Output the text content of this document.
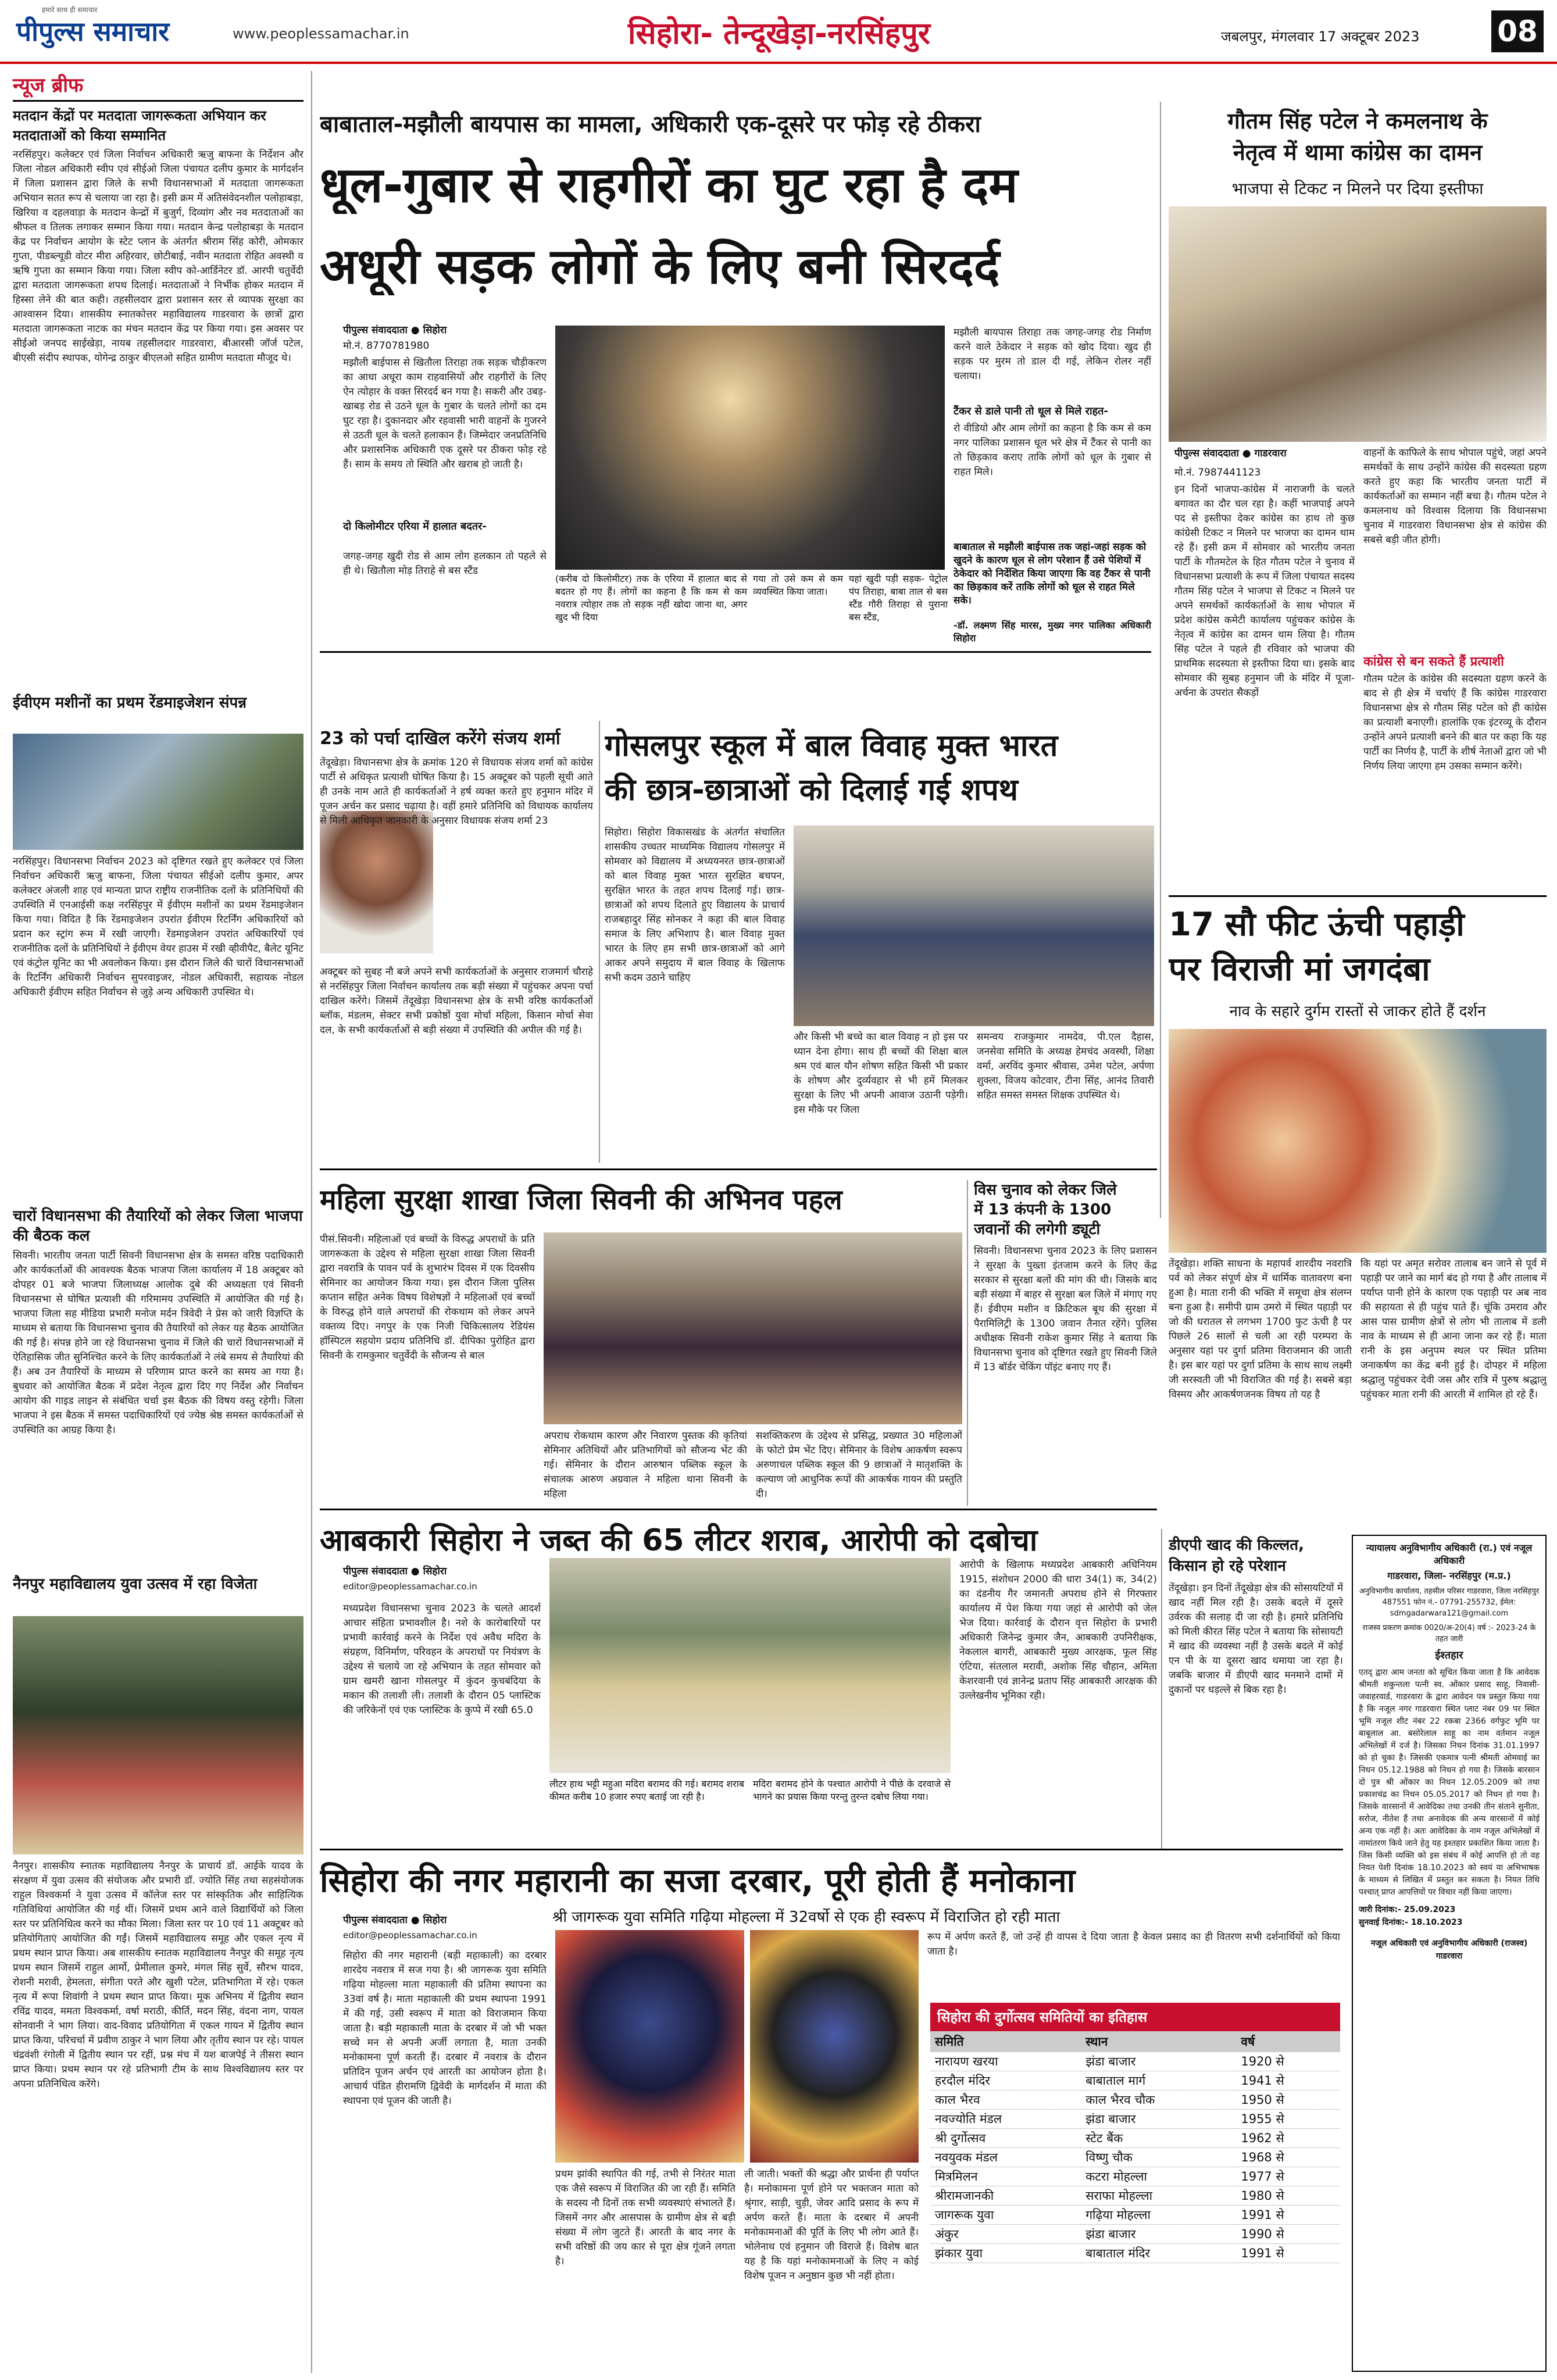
पीपुल्स समाचार
हमारे साथ ही समाचार
www.peoplessamachar.in	सिहोरा- तेन्दूखेड़ा-नरसिंहपुर	जबलपुर, मंगलवार 17 अक्टूबर 2023	08
न्यूज ब्रीफ
मतदान केंद्रों पर मतदाता जागरूकता अभियान कर मतदाताओं को किया सम्मानित
नरसिंहपुर। कलेक्टर एवं जिला निर्वाचन अधिकारी ऋजु बाफना के निर्देशन और जिला नोडल अधिकारी स्वीप एवं सीईओ जिला पंचायत दलीप कुमार के मार्गदर्शन में जिला प्रशासन द्वारा जिले के सभी विधानसभाओं में मतदाता जागरूकता अभियान सतत रूप से चलाया जा रहा है। इसी क्रम में अतिसंवेदनशील पलोहाबड़ा, खिरिया व दहलवाड़ा के मतदान केन्द्रों में बुजुर्ग, दिव्यांग और नव मतदाताओं का श्रीफल व तिलक लगाकर सम्मान किया गया। मतदान केन्द्र पलोहाबड़ा के मतदान केंद्र पर निर्वाचन आयोग के स्टेट प्लान के अंतर्गत श्रीराम सिंह कोरी, ओमकार गुप्ता, पीडब्ल्यूडी वोटर मीरा अहिरवार, छोटीबाई, नवीन मतदाता रोहित अवस्थी व ऋषि गुप्ता का सम्मान किया गया। जिला स्वीप को-आर्डिनेटर डॉ. आरपी चतुर्वेदी द्वारा मतदाता जागरूकता शपथ दिलाई। मतदाताओं ने निर्भीक होकर मतदान में हिस्सा लेने की बात कही। तहसीलदार द्वारा प्रशासन स्तर से व्यापक सुरक्षा का आश्वासन दिया। शासकीय स्नातकोत्तर महाविद्यालय गाडरवारा के छात्रों द्वारा मतदाता जागरूकता नाटक का मंचन मतदान केंद्र पर किया गया। इस अवसर पर सीईओ जनपद साईखेड़ा, नायब तहसीलदार गाडरवारा, बीआरसी जॉर्ज पटेल, बीएसी संदीप स्थापक, योगेन्द्र ठाकुर बीएलओ सहित ग्रामीण मतदाता मौजूद थे।
ईवीएम मशीनों का प्रथम रेंडमाइजेशन संपन्न
नरसिंहपुर। विधानसभा निर्वाचन 2023 को दृष्टिगत रखते हुए कलेक्टर एवं जिला निर्वाचन अधिकारी ऋजु बाफना, जिला पंचायत सीईओ दलीप कुमार, अपर कलेक्टर अंजली शाह एवं मान्यता प्राप्त राष्ट्रीय राजनीतिक दलों के प्रतिनिधियों की उपस्थिति में एनआईसी कक्ष नरसिंहपुर में ईवीएम मशीनों का प्रथम रेंडमाइजेशन किया गया। विदित है कि रेंडमाइजेशन उपरांत ईवीएम रिटर्निंग अधिकारियों को प्रदान कर स्ट्रांग रूम में रखी जाएगी। रेंडमाइजेशन उपरांत अधिकारियों एवं राजनीतिक दलों के प्रतिनिधियों ने ईवीएम वेयर हाउस में रखी व्हीवीपैट, बैलेट यूनिट एवं कंट्रोल यूनिट का भी अवलोकन किया। इस दौरान जिले की चारों विधानसभाओं के रिटर्निंग अधिकारी निर्वाचन सुपरवाइजर, नोडल अधिकारी, सहायक नोडल अधिकारी ईवीएम सहित निर्वाचन से जुड़े अन्य अधिकारी उपस्थित थे।
चारों विधानसभा की तैयारियों को लेकर जिला भाजपा की बैठक कल
सिवनी। भारतीय जनता पार्टी सिवनी विधानसभा क्षेत्र के समस्त वरिष्ठ पदाधिकारी और कार्यकर्ताओं की आवश्यक बैठक भाजपा जिला कार्यालय में 18 अक्टूबर को दोपहर 01 बजे भाजपा जिलाध्यक्ष आलोक दुबे की अध्यक्षता एवं सिवनी विधानसभा से घोषित प्रत्याशी की गरिमामय उपस्थिति में आयोजित की गई है। भाजपा जिला सह मीडिया प्रभारी मनोज मर्दन त्रिवेदी ने प्रेस को जारी विज्ञप्ति के माध्यम से बताया कि विधानसभा चुनाव की तैयारियों को लेकर यह बैठक आयोजित की गई है। संपन्न होने जा रहे विधानसभा चुनाव में जिले की चारों विधानसभाओं में ऐतिहासिक जीत सुनिश्चित करने के लिए कार्यकर्ताओं ने लंबे समय से तैयारियां की हैं। अब उन तैयारियों के माध्यम से परिणाम प्राप्त करने का समय आ गया है। बुधवार को आयोजित बैठक में प्रदेश नेतृत्व द्वारा दिए गए निर्देश और निर्वाचन आयोग की गाइड लाइन से संबंधित चर्चा इस बैठक की विषय वस्तु रहेगी। जिला भाजपा ने इस बैठक में समस्त पदाधिकारियों एवं ज्येष्ठ श्रेष्ठ समस्त कार्यकर्ताओं से उपस्थिति का आग्रह किया है।
नैनपुर महाविद्यालय युवा उत्सव में रहा विजेता
नैनपुर। शासकीय स्नातक महाविद्यालय नैनपुर के प्राचार्य डॉ. आईके यादव के संरक्षण में युवा उत्सव की संयोजक और प्रभारी डॉ. ज्योति सिंह तथा सहसंयोजक राहुल विश्वकर्मा ने युवा उत्सव में कॉलेज स्तर पर सांस्कृतिक और साहित्यिक गतिविधियां आयोजित की गई थीं। जिसमें प्रथम आने वाले विद्यार्थियों को जिला स्तर पर प्रतिनिधित्व करने का मौका मिला। जिला स्तर पर 10 एवं 11 अक्टूबर को प्रतियोगिताएं आयोजित की गईं। जिसमें महाविद्यालय समूह और एकल नृत्य में प्रथम स्थान प्राप्त किया। अब शासकीय स्नातक महाविद्यालय नैनपुर की समूह नृत्य प्रथम स्थान जिसमें राहुल आर्मो, प्रेमीलाल कुमरे, मंगल सिंह सुर्वे, सौरभ यादव, रोशनी मरावी, हेमलता, संगीता परते और खुशी पटेल, प्रतिभागिता में रहे। एकल नृत्य में रूपा शिवांगी ने प्रथम स्थान प्राप्त किया। मूक अभिनय में द्वितीय स्थान रविंद्र यादव, ममता विश्वकर्मा, वर्षा मराठी, कीर्ति, मदन सिंह, वंदना नाग, पायल सोनवानी ने भाग लिया। वाद-विवाद प्रतियोगिता में एकल गायन में द्वितीय स्थान प्राप्त किया, परिचर्चा में प्रवीण ठाकुर ने भाग लिया और तृतीय स्थान पर रहे। पायल चंद्रवंशी रंगोली में द्वितीय स्थान पर रहीं, प्रश्न मंच में यश बाजपेई ने तीसरा स्थान प्राप्त किया। प्रथम स्थान पर रहे प्रतिभागी टीम के साथ विश्वविद्यालय स्तर पर अपना प्रतिनिधित्व करेंगे।
बाबाताल-मझौली बायपास का मामला, अधिकारी एक-दूसरे पर फोड़ रहे ठीकरा
धूल-गुबार से राहगीरों का घुट रहा है दम
अधूरी सड़क लोगों के लिए बनी सिरदर्द
पीपुल्स संवाददाता ● सिहोरा
मो.नं. 8770781980
मझौली बाईपास से खितौला तिराहा तक सड़क चौड़ीकरण का आधा अधूरा काम राहवासियों और राहगीरों के लिए ऐन त्योहार के वक्त सिरदर्द बन गया है। सकरी और उबड़-खाबड़ रोड से उठने धूल के गुबार के चलते लोगों का दम घुट रहा है। दुकानदार और रहवासी भारी वाहनों के गुजरने से उठती धूल के चलते हलाकान हैं। जिम्मेदार जनप्रतिनिधि और प्रशासनिक अधिकारी एक दूसरे पर ठीकरा फोड़ रहे हैं। साम के समय तो स्थिति और खराब हो जाती है।
दो किलोमीटर एरिया में हालात बदतर-
जगह-जगह खुदी रोड से आम लोग हलकान तो पहले से ही थे। खितौला मोड़ तिराहे से बस स्टैंड
(करीब दो किलोमीटर) तक के एरिया में हालात बाद से बदतर हो गए हैं। लोगों का कहना है कि कम से कम नवरात्र त्योहार तक तो सड़क नहीं खोदा जाना था, अगर खुद भी दिया
गया तो उसे कम से कम व्यवस्थित किया जाता।
यहां खुदी पड़ी सड़क- पेट्रोल पंप तिराहा, बाबा ताल से बस स्टैंड गौरी तिराहा से पुराना बस स्टैंड,
मझौली बायपास तिराहा तक जगह-जगह रोड निर्माण करने वाले ठेकेदार ने सड़क को खोद दिया। खुद ही सड़क पर मुरम तो डाल दी गई, लेकिन रोलर नहीं चलाया।
टैंकर से डाले पानी तो धूल से मिले राहत-
रो वीडियो और आम लोगों का कहना है कि कम से कम नगर पालिका प्रशासन धूल भरे क्षेत्र में टैंकर से पानी का तो छिड़काव कराए ताकि लोगों को धूल के गुबार से राहत मिले।
बाबाताल से मझौली बाईपास तक जहां-जहां सड़क को खुदने के कारण धूल से लोग परेशान हैं उसे पेशियों में ठेकेदार को निर्देशित किया जाएगा कि वह टैंकर से पानी का छिड़काव करें ताकि लोगों को धूल से राहत मिले सके।
-डॉ. लक्ष्मण सिंह मारस, मुख्य नगर पालिका अधिकारी सिहोरा
गौतम सिंह पटेल ने कमलनाथ के
नेतृत्व में थामा कांग्रेस का दामन
भाजपा से टिकट न मिलने पर दिया इस्तीफा
पीपुल्स संवाददाता ● गाडरवारा
मो.नं. 7987441123
इन दिनों भाजपा-कांग्रेस में नाराजगी के चलते बगावत का दौर चल रहा है। कहीं भाजपाई अपने पद से इस्तीफा देकर कांग्रेस का हाथ तो कुछ कांग्रेसी टिकट न मिलने पर भाजपा का दामन थाम रहे हैं। इसी क्रम में सोमवार को भारतीय जनता पार्टी के गौतमटेल के हित गौतम पटेल ने चुनाव में विधानसभा प्रत्याशी के रूप में जिला पंचायत सदस्य गौतम सिंह पटेल ने भाजपा से टिकट न मिलने पर अपने समर्थकों कार्यकर्ताओं के साथ भोपाल में प्रदेश कांग्रेस कमेटी कार्यालय पहुंचकर कांग्रेस के नेतृत्व में कांग्रेस का दामन थाम लिया है। गौतम सिंह पटेल ने पहले ही रविवार को भाजपा की प्राथमिक सदस्यता से इस्तीफा दिया था। इसके बाद सोमवार की सुबह हनुमान जी के मंदिर में पूजा-अर्चना के उपरांत सैकड़ों
वाहनों के काफिले के साथ भोपाल पहुंचे, जहां अपने समर्थकों के साथ उन्होंने कांग्रेस की सदस्यता ग्रहण करते हुए कहा कि भारतीय जनता पार्टी में कार्यकर्ताओं का सम्मान नहीं बचा है। गौतम पटेल ने कमलनाथ को विश्वास दिलाया कि विधानसभा चुनाव में गाडरवारा विधानसभा क्षेत्र से कांग्रेस की सबसे बड़ी जीत होगी।
कांग्रेस से बन सकते हैं प्रत्याशी
गौतम पटेल के कांग्रेस की सदस्यता ग्रहण करने के बाद से ही क्षेत्र में चर्चाएं हैं कि कांग्रेस गाडरवारा विधानसभा क्षेत्र से गौतम सिंह पटेल को ही कांग्रेस का प्रत्याशी बनाएगी। हालांकि एक इंटरव्यू के दौरान उन्होंने अपने प्रत्याशी बनने की बात पर कहा कि यह पार्टी का निर्णय है, पार्टी के शीर्ष नेताओं द्वारा जो भी निर्णय लिया जाएगा हम उसका सम्मान करेंगे।
23 को पर्चा दाखिल करेंगे संजय शर्मा
तेंदूखेड़ा। विधानसभा क्षेत्र के क्रमांक 120 से विधायक संजय शर्मा को कांग्रेस पार्टी से अधिकृत प्रत्याशी घोषित किया है। 15 अक्टूबर को पहली सूची आते ही उनके नाम आते ही कार्यकर्ताओं ने हर्ष व्यक्त करते हुए हनुमान मंदिर में पूजन अर्चन कर प्रसाद चढ़ाया है। वहीं हमारे प्रतिनिधि को विधायक कार्यालय से मिली आधिकृत जानकारी के अनुसार विधायक संजय शर्मा 23
अक्टूबर को सुबह नौ बजे अपने सभी कार्यकर्ताओं के अनुसार राजमार्ग चौराहे से नरसिंहपुर जिला निर्वाचन कार्यालय तक बड़ी संख्या में पहुंचकर अपना पर्चा दाखिल करेंगे। जिसमें तेंदूखेड़ा विधानसभा क्षेत्र के सभी वरिष्ठ कार्यकर्ताओं ब्लॉक, मंडलम, सेक्टर सभी प्रकोष्ठों युवा मोर्चा महिला, किसान मोर्चा सेवा दल, के सभी कार्यकर्ताओं से बड़ी संख्या में उपस्थिति की अपील की गई है।
गोसलपुर स्कूल में बाल विवाह मुक्त भारत
की छात्र-छात्राओं को दिलाई गई शपथ
सिहोरा। सिहोरा विकासखंड के अंतर्गत संचालित शासकीय उच्चतर माध्यमिक विद्यालय गोसलपुर में सोमवार को विद्यालय में अध्ययनरत छात्र-छात्राओं को बाल विवाह मुक्त भारत सुरक्षित बचपन, सुरक्षित भारत के तहत शपथ दिलाई गई। छात्र-छात्राओं को शपथ दिलाते हुए विद्यालय के प्राचार्य राजबहादुर सिंह सोनकर ने कहा की बाल विवाह समाज के लिए अभिशाप है। बाल विवाह मुक्त भारत के लिए हम सभी छात्र-छात्राओं को आगे आकर अपने समुदाय में बाल विवाह के खिलाफ सभी कदम उठाने चाहिए
और किसी भी बच्चे का बाल विवाह न हो इस पर ध्यान देना होगा। साथ ही बच्चों की शिक्षा बाल श्रम एवं बाल यौन शोषण सहित किसी भी प्रकार के शोषण और दुर्व्यवहार से भी हमें मिलकर सुरक्षा के लिए भी अपनी आवाज उठानी पड़ेगी। इस मौके पर जिला
समन्वय राजकुमार नामदेव, पी.एल दैहास, जनसेवा समिति के अध्यक्ष हेमचंद अवस्थी, शिक्षा वर्मा, अरविंद कुमार श्रीवास, उमेश पटेल, अर्पणा शुक्ला, विजय कोटवार, टीना सिंह, आनंद तिवारी सहित समस्त समस्त शिक्षक उपस्थित थे।
17 सौ फीट ऊंची पहाड़ी
पर विराजी मां जगदंबा
नाव के सहारे दुर्गम रास्तों से जाकर होते हैं दर्शन
तेंदूखेड़ा। शक्ति साधना के महापर्व शारदीय नवरात्रि पर्व को लेकर संपूर्ण क्षेत्र में धार्मिक वातावरण बना हुआ है। माता रानी की भक्ति में समूचा क्षेत्र संलग्न बना हुआ है। समीपी ग्राम उमरो में स्थित पहाड़ी पर जो की धरातल से लगभग 1700 फुट ऊंची है पर पिछले 26 सालों से चली आ रही परम्परा के अनुसार यहां पर दुर्गा प्रतिमा विराजमान की जाती है। इस बार यहां पर दुर्गा प्रतिमा के साथ साथ लक्ष्मी जी सरस्वती जी भी विराजित की गई है। सबसे बड़ा विस्मय और आकर्षणजनक विषय तो यह है
कि यहां पर अमृत सरोवर तालाब बन जाने से पूर्व में पहाड़ी पर जाने का मार्ग बंद हो गया है और तालाब में पर्याप्त पानी होने के कारण एक पहाड़ी पर अब नाव की सहायता से ही पहुंच पाते हैं। चूंकि उमराव और आस पास ग्रामीण क्षेत्रों से लोग भी तालाब में डली नाव के माध्यम से ही आना जाना कर रहे हैं। माता रानी के इस अनुपम स्थल पर स्थित प्रतिमा जनाकर्षण का केंद्र बनी हुई है। दोपहर में महिला श्रद्धालु पहुंचकर देवी जस और रात्रि में पुरुष श्रद्धालु पहुंचकर माता रानी की आरती में शामिल हो रहे हैं।
महिला सुरक्षा शाखा जिला सिवनी की अभिनव पहल
पीसं.सिवनी। महिलाओं एवं बच्चों के विरुद्ध अपराधों के प्रति जागरूकता के उद्देश्य से महिला सुरक्षा शाखा जिला सिवनी द्वारा नवरात्रि के पावन पर्व के शुभारंभ दिवस में एक दिवसीय सेमिनार का आयोजन किया गया। इस दौरान जिला पुलिस कप्तान सहित अनेक विषय विशेषज्ञों ने महिलाओं एवं बच्चों के विरुद्ध होने वाले अपराधों की रोकथाम को लेकर अपने वक्तव्य दिए। नगपुर के एक निजी चिकित्सालय रेडियंस हॉस्पिटल सहयोग प्रदाय प्रतिनिधि डॉ. दीपिका पुरोहित द्वारा सिवनी के रामकुमार चतुर्वेदी के सौजन्य से बाल
अपराध रोकथाम कारण और निवारण पुस्तक की कृतियां सेमिनार अतिथियों और प्रतिभागियों को सौजन्य भेंट की गई। सेमिनार के दौरान आरुषान पब्लिक स्कूल के संचालक आरुण अग्रवाल ने महिला थाना सिवनी के महिला
सशक्तिकरण के उद्देश्य से प्रसिद्ध, प्रख्यात 30 महिलाओं के फोटो प्रेम भेंट दिए। सेमिनार के विशेष आकर्षण स्वरूप अरुणाचल पब्लिक स्कूल की 9 छात्राओं ने मातृशक्ति के कल्याण जो आधुनिक रूपों की आकर्षक गायन की प्रस्तुति दी।
विस चुनाव को लेकर जिले
में 13 कंपनी के 1300
जवानों की लगेगी ड्यूटी
सिवनी। विधानसभा चुनाव 2023 के लिए प्रशासन ने सुरक्षा के पुख्ता इंतजाम करने के लिए केंद्र सरकार से सुरक्षा बलों की मांग की थी। जिसके बाद बड़ी संख्या में बाहर से सुरक्षा बल जिले में मंगाए गए हैं। ईवीएम मशीन व क्रिटिकल बूथ की सुरक्षा में पैरामिलिट्री के 1300 जवान तैनात रहेंगे। पुलिस अधीक्षक सिवनी राकेश कुमार सिंह ने बताया कि विधानसभा चुनाव को दृष्टिगत रखते हुए सिवनी जिले में 13 बॉर्डर चेकिंग पॉइंट बनाए गए हैं।
आबकारी सिहोरा ने जब्त की 65 लीटर शराब, आरोपी को दबोचा
पीपुल्स संवाददाता ● सिहोरा
editor@peoplessamachar.co.in
मध्यप्रदेश विधानसभा चुनाव 2023 के चलते आदर्श आचार संहिता प्रभावशील है। नशे के कारोबारियों पर प्रभावी कार्रवाई करने के निर्देश एवं अवैध मदिरा के संग्रहण, विनिर्माण, परिवहन के अपराधों पर नियंत्रण के उद्देश्य से चलाये जा रहे अभियान के तहत सोमवार को ग्राम खमरी खाना गोसलपुर में कुंदन कुचबंदिया के मकान की तलाशी ली। तलाशी के दौरान 05 प्लास्टिक की जरिकेनों एवं एक प्लास्टिक के कुप्पे में रखी 65.0
लीटर हाथ भट्टी महुआ मदिरा बरामद की गई। बरामद शराब कीमत करीब 10 हजार रुपए बताई जा रही है।
मदिरा बरामद होने के पश्चात आरोपी ने पीछे के दरवाजे से भागने का प्रयास किया परन्तु तुरन्त दबोच लिया गया।
आरोपी के खिलाफ मध्यप्रदेश आबकारी अधिनियम 1915, संशोधन 2000 की धारा 34(1) क, 34(2) का दंडनीय गैर जमानती अपराध होने से गिरफ्तार कार्यालय में पेश किया गया जहां से आरोपी को जेल भेज दिया। कार्रवाई के दौरान वृत्त सिहोरा के प्रभारी अधिकारी जिनेन्द्र कुमार जैन, आबकारी उपनिरीक्षक, नेकलाल बागरी, आबकारी मुख्य आरक्षक, फूल सिंह एंटिया, संतलाल मरावी, अशोक सिंह चौहान, अमिता केशरवानी एवं ज्ञानेन्द्र प्रताप सिंह आबकारी आरक्षक की उल्लेखनीय भूमिका रही।
डीएपी खाद की किल्लत,
किसान हो रहे परेशान
तेंदूखेड़ा। इन दिनों तेंदूखेड़ा क्षेत्र की सोसायटियों में खाद नहीं मिल रही है। उसके बदले में दूसरे उर्वरक की सलाह दी जा रही है। हमारे प्रतिनिधि को मिली कीरत सिंह पटेल ने बताया कि सोसायटी में खाद की व्यवस्था नहीं है उसके बदले में कोई एन पी के या दूसरा खाद थमाया जा रहा है। जबकि बाजार में डीएपी खाद मनमाने दामों में दुकानों पर धड़ल्ले से बिक रहा है।
न्यायालय अनुविभागीय अधिकारी (रा.) एवं नजूल अधिकारी
गाडरवारा, जिला- नरसिंहपुर (म.प्र.)
अनुविभागीय कार्यालय, तहसील परिसर गाडरवारा, जिला नरसिंहपुर 487551 फोन नं.- 07791-255732, ईमेल: sdmgadarwara121@gmail.com
राजस्व प्रकरण क्रमांक 0020/अ-20(4) वर्ष :- 2023-24 के तहत जारी
ईश्तहार
एतद् द्वारा आम जनता को सूचित किया जाता है कि आवेदक श्रीमती शकुन्तला पत्नी स्व. ओंकार प्रसाद साहू, निवासी- जवाहरवार्ड, गाडरवारा के द्वारा आवेदन पत्र प्रस्तुत किया गया है कि नजूल नगर गाडरवारा स्थित प्लाट नंबर 09 पर स्थित भूमि नजूल शीट नंबर 22 रकबा 2366 वर्गफुट भूमि पर बाबूलाल आ. बसोरेलाल साहू का नाम वर्तमान नजूल अभिलेखों में दर्ज है। जिसका निधन दिनांक 31.01.1997 को हो चुका है। जिसकी एकमात्र पत्नी श्रीमती ओमवाई का निधन 05.12.1988 को निधन हो गया है। जिसके बारसान दो पुत्र श्री ओंकार का निधन 12.05.2009 को तथा प्रकाशचंद्र का निधन 05.05.2017 को निधन हो गया है। जिसके वारसानों में आवेदिका तथा उनकी तीन संताने सुनीता, सरोज, नीतेश हैं तथा अनावेदक की अन्य वारसानों में कोई अन्य एक नहीं है। अतः आवेदिका के नाम नजूल अभिलेखों में नामांतरण किये जाने हेतु यह इश्तहार प्रकाशित किया जाता है। जिस किसी व्यक्ति को इस संबंध में कोई आपत्ति हो तो वह नियत पेशी दिनांक 18.10.2023 को स्वयं या अभिभाषक के माध्यम से लिखित में प्रस्तुत कर सकता है। नियत तिथि पश्चात् प्राप्त आपत्तियों पर विचार नहीं किया जाएगा।
जारी दिनांक:- 25.09.2023
सुनवाई दिनांक:- 18.10.2023
नजूल अधिकारी एवं अनुविभागीय अधिकारी (राजस्व) गाडरवारा
सिहोरा की नगर महारानी का सजा दरबार, पूरी होती हैं मनोकाना
श्री जागरूक युवा समिति गढ़िया मोहल्ला में 32वर्षो से एक ही स्वरूप में विराजित हो रही माता
पीपुल्स संवाददाता ● सिहोरा
editor@peoplessamachar.co.in
सिहोरा की नगर महारानी (बड़ी महाकाली) का दरबार शारदेय नवरात्र में सज गया है। श्री जागरूक युवा समिति गढ़िया मोहल्ला माता महाकाली की प्रतिमा स्थापना का 33वां वर्ष है। माता महाकाली की प्रथम स्थापना 1991 में की गई, उसी स्वरूप में माता को विराजमान किया जाता है। बड़ी महाकाली माता के दरबार में जो भी भक्त सच्चे मन से अपनी अर्जी लगाता है, माता उनकी मनोकामना पूर्ण करती हैं। दरबार में नवरात्र के दौरान प्रतिदिन पूजन अर्चन एवं आरती का आयोजन होता है। आचार्य पंडित हीरामणि द्विवेदी के मार्गदर्शन में माता की स्थापना एवं पूजन की जाती है।
प्रथम झांकी स्थापित की गई, तभी से निरंतर माता एक जैसे स्वरूप में विराजित की जा रही हैं। समिति के सदस्य नौ दिनों तक सभी व्यवस्थाएं संभालते हैं। जिसमें नगर और आसपास के ग्रामीण क्षेत्र से बड़ी संख्या में लोग जुटते हैं। आरती के बाद नगर के सभी वरिष्ठों की जय कार से पूरा क्षेत्र गूंजने लगता है।
ली जाती। भक्तों की श्रद्धा और प्रार्थना ही पर्याप्त है। मनोकामना पूर्ण होने पर भक्तजन माता को श्रृंगार, साड़ी, चुड़ी, जेवर आदि प्रसाद के रूप में अर्पण करते हैं। माता के दरबार में अपनी मनोकामनाओं की पूर्ति के लिए भी लोग आते हैं। भोलेनाथ एवं हनुमान जी विराजे हैं। विशेष बात यह है कि यहां मनोकामनाओं के लिए न कोई विशेष पूजन न अनुष्ठान कुछ भी नहीं होता।
रूप में अर्पण करते हैं, जो उन्हें ही वापस दे दिया जाता है केवल प्रसाद का ही वितरण सभी दर्शनार्थियों को किया जाता है।
सिहोरा की दुर्गोत्सव समितियों का इतिहास
समिति	स्थान	वर्ष
नारायण खरया	झंडा बाजार	1920 से
हरदौल मंदिर	बाबाताल मार्ग	1941 से
काल भैरव	काल भैरव चौक	1950 से
नवज्योति मंडल	झंडा बाजार	1955 से
श्री दुर्गोत्सव	स्टेट बैंक	1962 से
नवयुवक मंडल	विष्णु चौक	1968 से
मित्रमिलन	कटरा मोहल्ला	1977 से
श्रीरामजानकी	सराफा मोहल्ला	1980 से
जागरूक युवा	गढ़िया मोहल्ला	1991 से
अंकुर	झंडा बाजार	1990 से
झंकार युवा	बाबाताल मंदिर	1991 से
